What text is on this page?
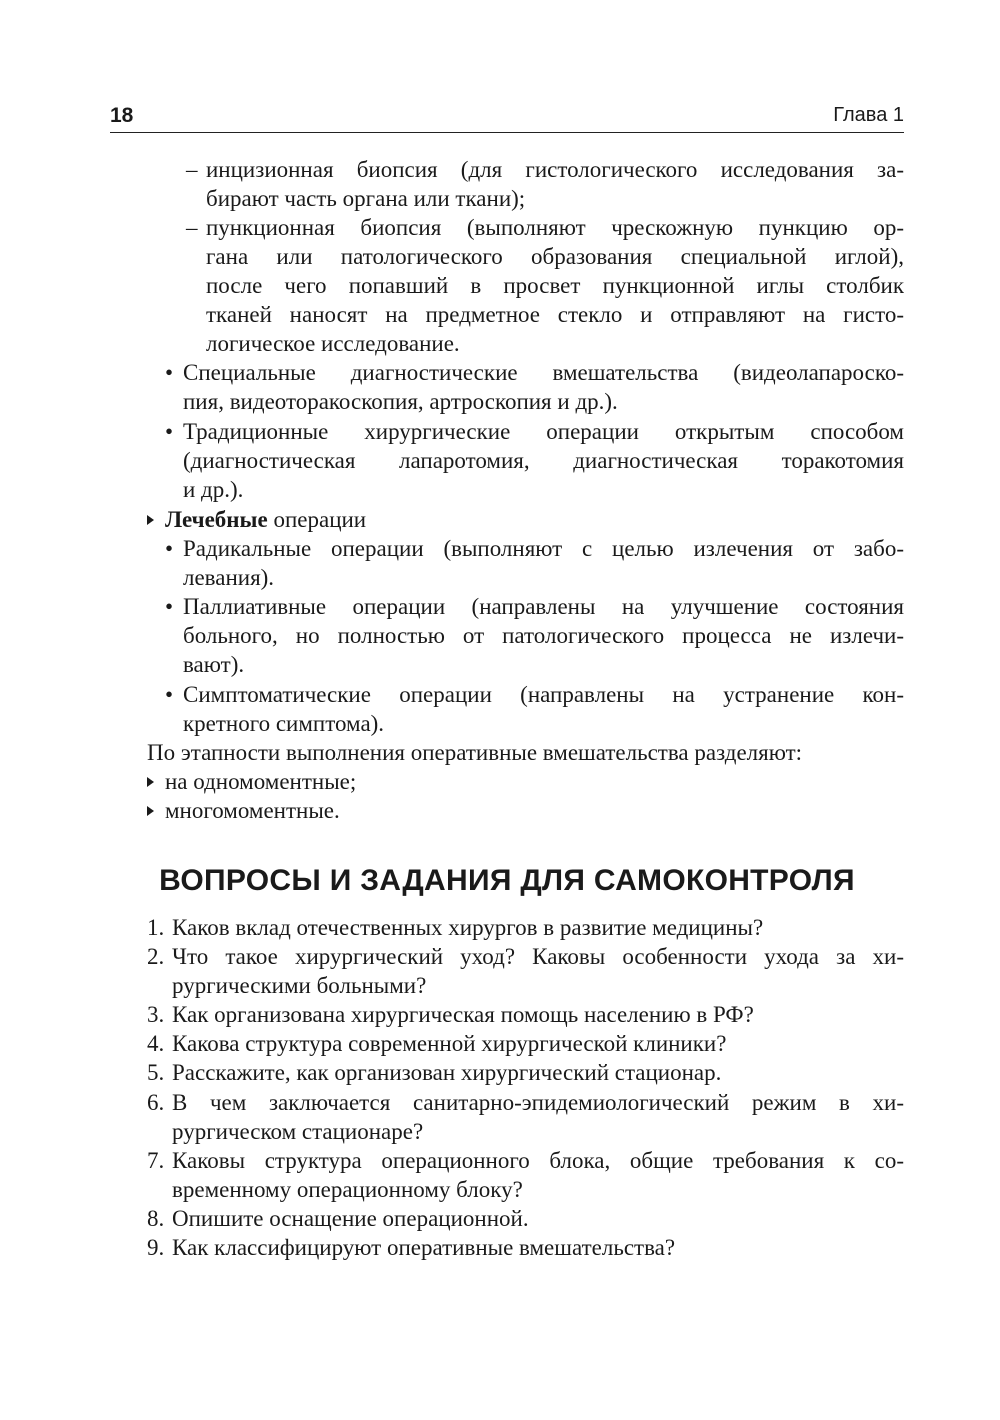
18	Глава 1
– инцизионная биопсия (для гистологического исследования за-
бирают часть органа или ткани);
– пункционная биопсия (выполняют чрескожную пункцию ор-
гана или патологического образования специальной иглой),
после чего попавший в просвет пункционной иглы столбик
тканей наносят на предметное стекло и отправляют на гисто-
логическое исследование.
• Специальные диагностические вмешательства (видеолапароско-
пия, видеоторакоскопия, артроскопия и др.).
• Традиционные хирургические операции открытым способом
(диагностическая лапаротомия, диагностическая торакотомия
и др.).
Лечебные операции
• Радикальные операции (выполняют с целью излечения от забо-
левания).
• Паллиативные операции (направлены на улучшение состояния
больного, но полностью от патологического процесса не излечи-
вают).
• Симптоматические операции (направлены на устранение кон-
кретного симптома).
По этапности выполнения оперативные вмешательства разделяют:
на одномоментные;
многомоментные.
ВОПРОСЫ И ЗАДАНИЯ ДЛЯ САМОКОНТРОЛЯ
1. Каков вклад отечественных хирургов в развитие медицины?
2. Что такое хирургический уход? Каковы особенности ухода за хи-
рургическими больными?
3. Как организована хирургическая помощь населению в РФ?
4. Какова структура современной хирургической клиники?
5. Расскажите, как организован хирургический стационар.
6. В чем заключается санитарно-эпидемиологический режим в хи-
рургическом стационаре?
7. Каковы структура операционного блока, общие требования к со-
временному операционному блоку?
8. Опишите оснащение операционной.
9. Как классифицируют оперативные вмешательства?
